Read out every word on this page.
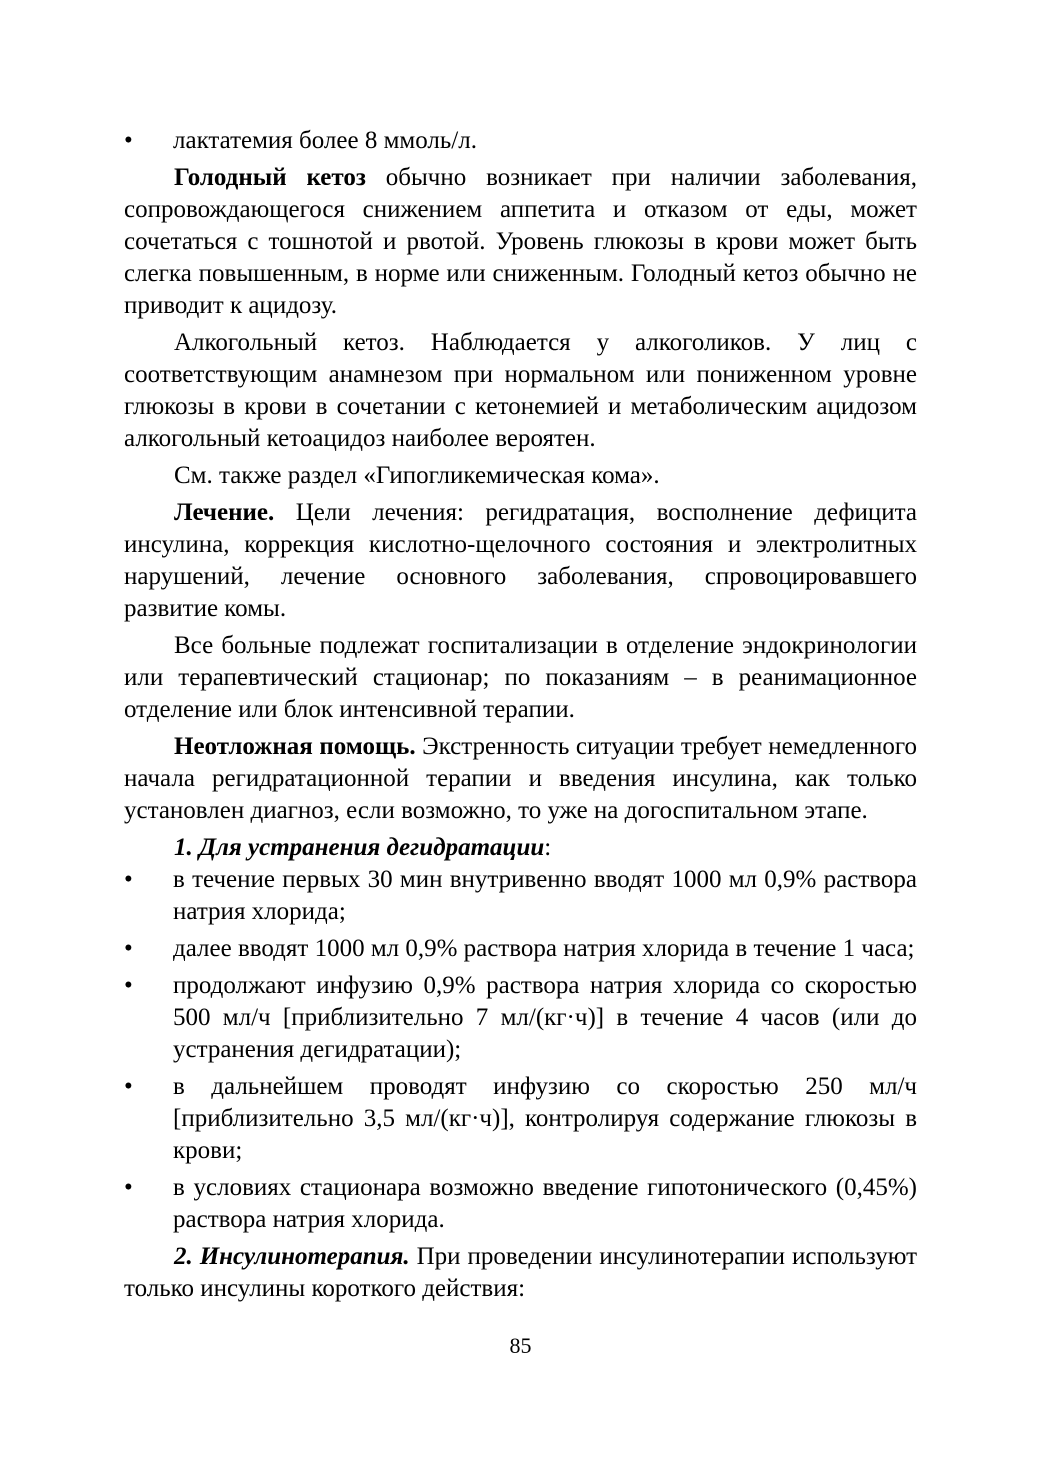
• лактатемия более 8 ммоль/л.

Голодный кетоз обычно возникает при наличии заболевания, сопровождающегося снижением аппетита и отказом от еды, может сочетаться с тошнотой и рвотой. Уровень глюкозы в крови может быть слегка повышенным, в норме или сниженным. Голодный кетоз обычно не приводит к ацидозу.

Алкогольный кетоз. Наблюдается у алкоголиков. У лиц с соответствующим анамнезом при нормальном или пониженном уровне глюкозы в крови в сочетании с кетонемией и метаболическим ацидозом алкогольный кетоацидоз наиболее вероятен.

См. также раздел «Гипогликемическая кома».

Лечение. Цели лечения: регидратация, восполнение дефицита инсулина, коррекция кислотно-щелочного состояния и электролитных нарушений, лечение основного заболевания, спровоцировавшего развитие комы.

Все больные подлежат госпитализации в отделение эндокринологии или терапевтический стационар; по показаниям – в реанимационное отделение или блок интенсивной терапии.

Неотложная помощь. Экстренность ситуации требует немедленного начала регидратационной терапии и введения инсулина, как только установлен диагноз, если возможно, то уже на догоспитальном этапе.

1. Для устранения дегидратации:

• в течение первых 30 мин внутривенно вводят 1000 мл 0,9% раствора натрия хлорида;

• далее вводят 1000 мл 0,9% раствора натрия хлорида в течение 1 часа;

• продолжают инфузию 0,9% раствора натрия хлорида со скоростью 500 мл/ч [приблизительно 7 мл/(кг·ч)] в течение 4 часов (или до устранения дегидратации);

• в дальнейшем проводят инфузию со скоростью 250 мл/ч [приблизительно 3,5 мл/(кг·ч)], контролируя содержание глюкозы в крови;

• в условиях стационара возможно введение гипотонического (0,45%) раствора натрия хлорида.

2. Инсулинотерапия. При проведении инсулинотерапии используют только инсулины короткого действия:

85
